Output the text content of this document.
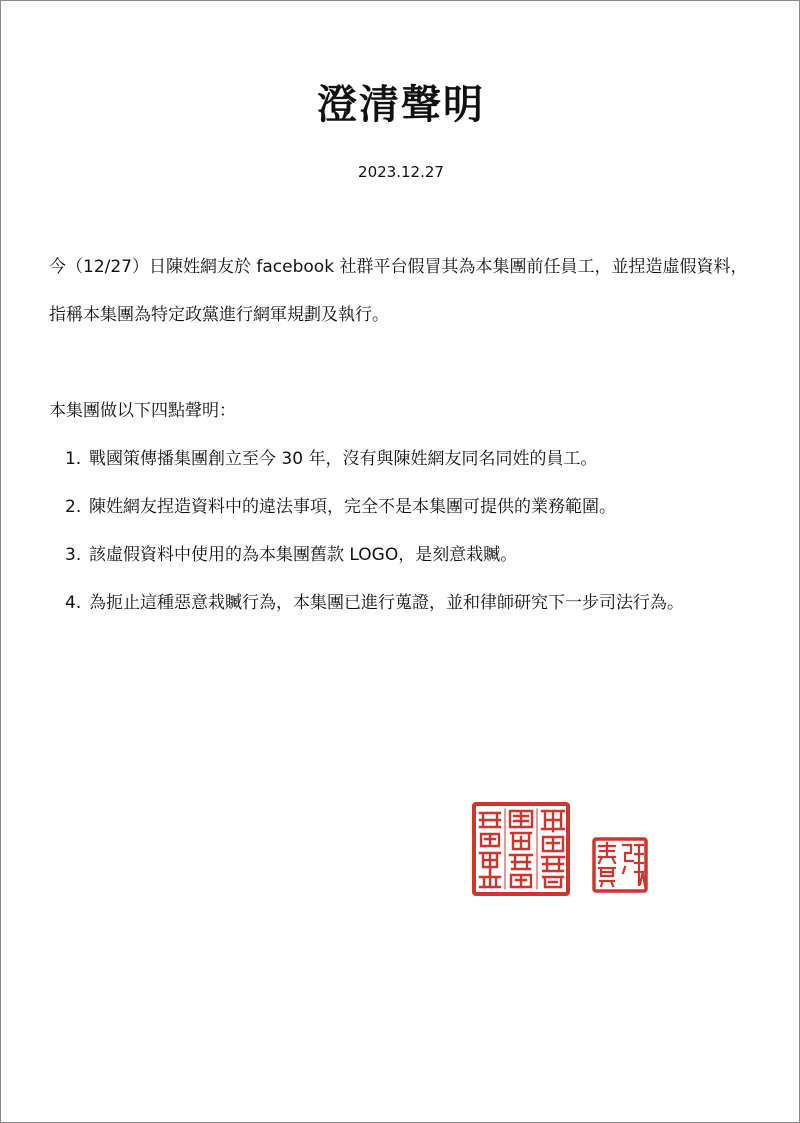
澄清聲明

2023.12.27

今（12/27）日陳姓網友於 facebook 社群平台假冒其為本集團前任員工，並捏造虛假資料，指稱本集團為特定政黨進行網軍規劃及執行。

本集團做以下四點聲明：

1. 戰國策傳播集團創立至今 30 年，沒有與陳姓網友同名同姓的員工。
2. 陳姓網友捏造資料中的違法事項，完全不是本集團可提供的業務範圍。
3. 該虛假資料中使用的為本集團舊款 LOGO，是刻意栽贓。
4. 為扼止這種惡意栽贓行為，本集團已進行蒐證，並和律師研究下一步司法行為。
